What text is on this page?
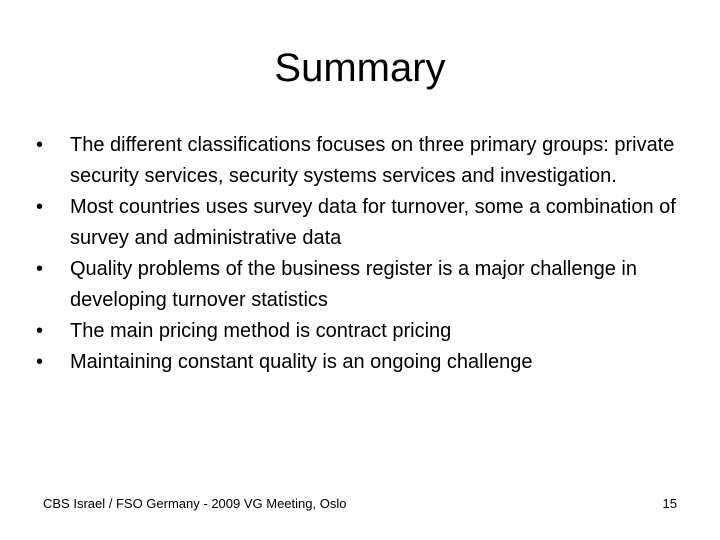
Summary
•	The different classifications focuses on three primary groups: private security services, security systems services and investigation.
•	Most countries uses survey data for turnover, some a combination of survey and administrative data
•	Quality problems of the business register is a major challenge in developing turnover statistics
•	The main pricing method is contract pricing
•	Maintaining constant quality is an ongoing challenge
CBS Israel / FSO Germany - 2009 VG Meeting, Oslo	15
